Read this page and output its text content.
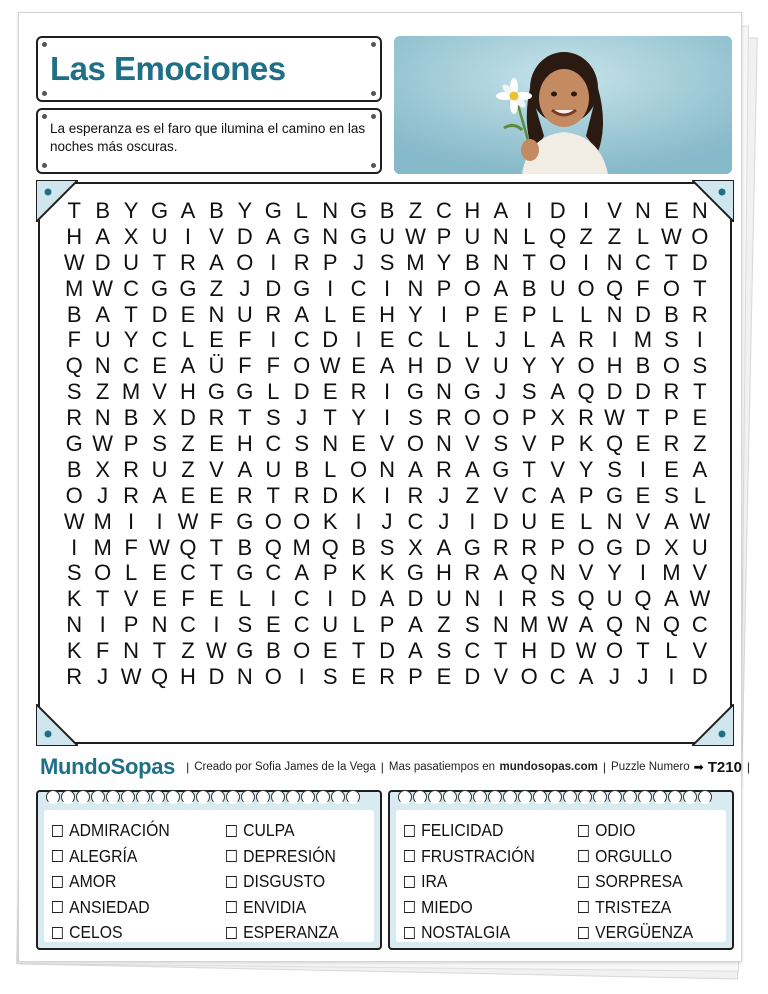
Las Emociones

La esperanza es el faro que ilumina el camino en las noches más oscuras.

T B Y G A B Y G L N G B Z C H A I D I V N E N
H A X U I V D A G N G U W P U N L Q Z Z L W O
W D U T R A O I R P J S M Y B N T O I N C T D
M W C G G Z J D G I C I N P O A B U O Q F O T
B A T D E N U R A L E H Y I P E P L L N D B R
F U Y C L E F I C D I E C L L J L A R I M S I
Q N C E A Ü F F O W E A H D V U Y Y O H B O S
S Z M V H G G L D E R I G N G J S A Q D D R T
R N B X D R T S J T Y I S R O O P X R W T P E
G W P S Z E H C S N E V O N V S V P K Q E R Z
B X R U Z V A U B L O N A R A G T V Y S I E A
O J R A E E R T R D K I R J Z V C A P G E S L
W M I	I W F G O O K I J C J I D U E L N V A W
I M F W Q T B Q M Q B S X A G R R P O G D X U
S O L E C T G C A P K K G H R A Q N V Y I M V
K T V E F E L I C I D A D U N I R S Q U Q A W
N I P N C I S E C U L P A Z S N M W A Q N Q C
K F N T Z W G B O E T D A S C T H D W O T L V
R J W Q H D N O I S E R P E D V O C A J J I D
MundoSopas | Creado por Sofia James de la Vega | Mas pasatiempos en
mundosopas.com | Puzzle Numero ➡ T210 |
ADMIRACIÓN
ALEGRÍA
AMOR
ANSIEDAD
CELOS
CULPA
DEPRESIÓN
DISGUSTO
ENVIDIA
ESPERANZA
FELICIDAD
FRUSTRACIÓN
IRA
MIEDO
NOSTALGIA
ODIO
ORGULLO
SORPRESA
TRISTEZA
VERGÜENZA
